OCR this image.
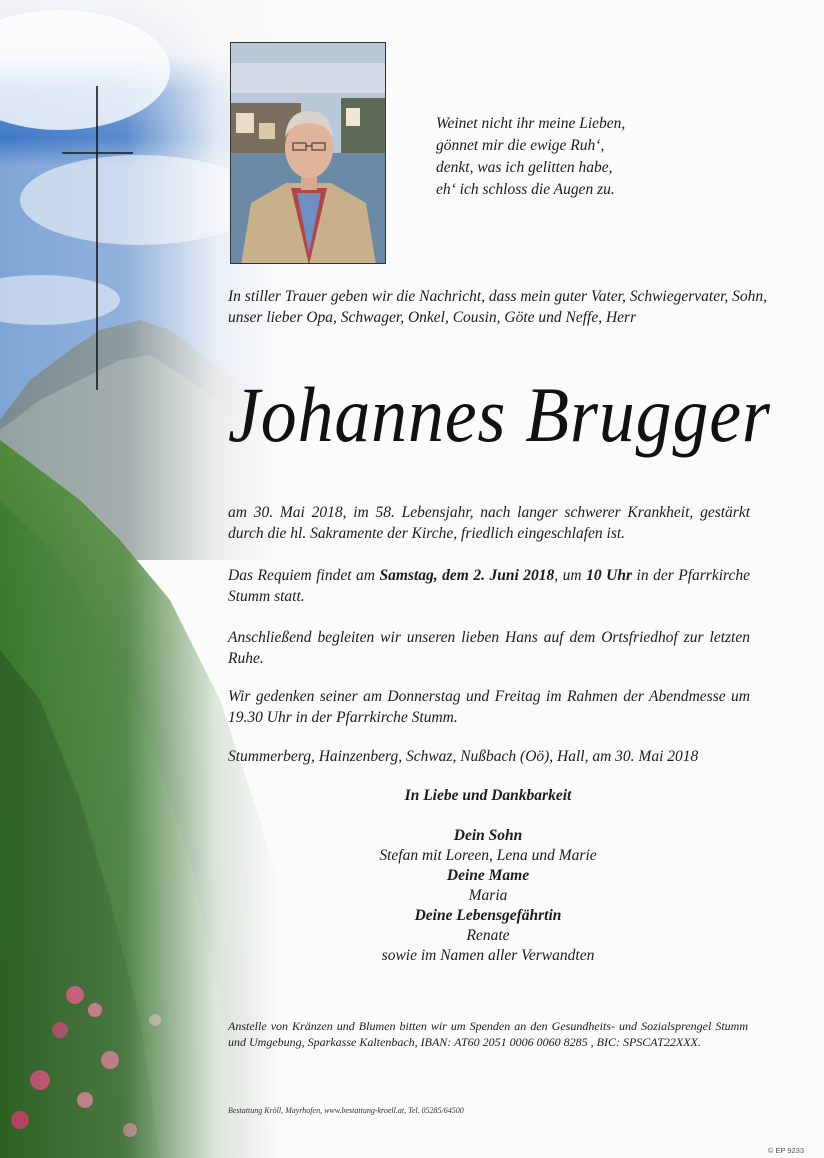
Weinet nicht ihr meine Lieben,
gönnet mir die ewige Ruh‘,
denkt, was ich gelitten habe,
eh‘ ich schloss die Augen zu.
In stiller Trauer geben wir die Nachricht, dass mein guter Vater, Schwiegervater, Sohn, unser lieber Opa, Schwager, Onkel, Cousin, Göte und Neffe, Herr
Johannes Brugger
am 30. Mai 2018, im 58. Lebensjahr, nach langer schwerer Krankheit, gestärkt durch die hl. Sakramente der Kirche, friedlich eingeschlafen ist.
Das Requiem findet am Samstag, dem 2. Juni 2018, um 10 Uhr in der Pfarrkirche Stumm statt.
Anschließend begleiten wir unseren lieben Hans auf dem Ortsfriedhof zur letzten Ruhe.
Wir gedenken seiner am Donnerstag und Freitag im Rahmen der Abendmesse um 19.30 Uhr in der Pfarrkirche Stumm.
Stummerberg, Hainzenberg, Schwaz, Nußbach (Oö), Hall, am 30. Mai 2018
In Liebe und Dankbarkeit
Dein Sohn
Stefan mit Loreen, Lena und Marie
Deine Mame
Maria
Deine Lebensgefährtin
Renate
sowie im Namen aller Verwandten
Anstelle von Kränzen und Blumen bitten wir um Spenden an den Gesundheits- und Sozialsprengel Stumm und Umgebung, Sparkasse Kaltenbach, IBAN: AT60 2051 0006 0060 8285 , BIC: SPSCAT22XXX.
Bestattung Kröll, Mayrhofen, www.bestattung-kroell.at, Tel. 05285/64500
© EP 9233
